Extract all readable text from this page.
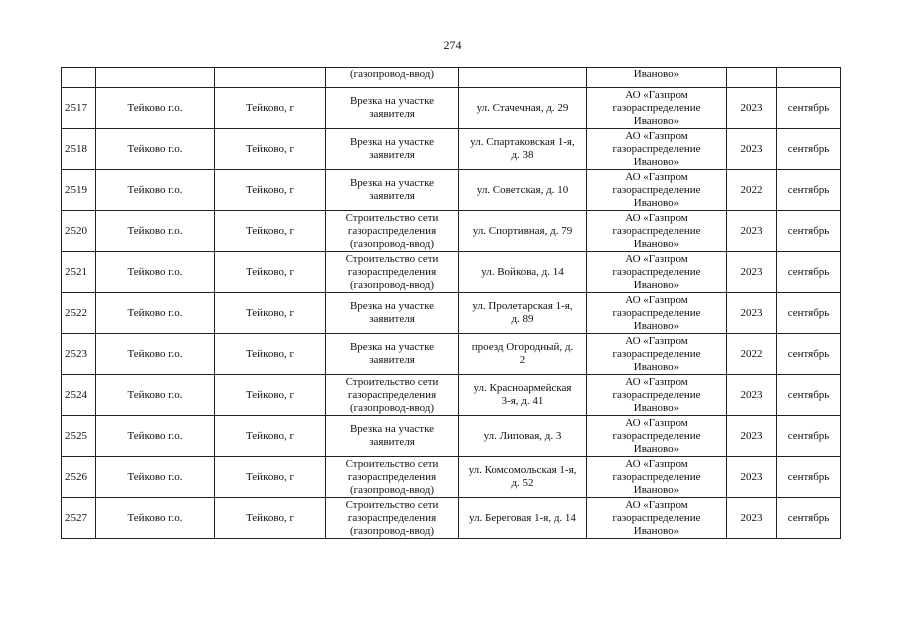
274
			(газопровод-ввод)		Иваново»		
2517	Тейково г.о.	Тейково, г	Врезка на участке
заявителя	ул. Стачечная, д. 29	АО «Газпром
газораспределение
Иваново»	2023	сентябрь
2518	Тейково г.о.	Тейково, г	Врезка на участке
заявителя	ул. Спартаковская 1-я,
д. 38	АО «Газпром
газораспределение
Иваново»	2023	сентябрь
2519	Тейково г.о.	Тейково, г	Врезка на участке
заявителя	ул. Советская, д. 10	АО «Газпром
газораспределение
Иваново»	2022	сентябрь
2520	Тейково г.о.	Тейково, г	Строительство сети
газораспределения
(газопровод-ввод)	ул. Спортивная, д. 79	АО «Газпром
газораспределение
Иваново»	2023	сентябрь
2521	Тейково г.о.	Тейково, г	Строительство сети
газораспределения
(газопровод-ввод)	ул. Войкова, д. 14	АО «Газпром
газораспределение
Иваново»	2023	сентябрь
2522	Тейково г.о.	Тейково, г	Врезка на участке
заявителя	ул. Пролетарская 1-я,
д. 89	АО «Газпром
газораспределение
Иваново»	2023	сентябрь
2523	Тейково г.о.	Тейково, г	Врезка на участке
заявителя	проезд Огородный, д.
2	АО «Газпром
газораспределение
Иваново»	2022	сентябрь
2524	Тейково г.о.	Тейково, г	Строительство сети
газораспределения
(газопровод-ввод)	ул. Красноармейская
3-я, д. 41	АО «Газпром
газораспределение
Иваново»	2023	сентябрь
2525	Тейково г.о.	Тейково, г	Врезка на участке
заявителя	ул. Липовая, д. 3	АО «Газпром
газораспределение
Иваново»	2023	сентябрь
2526	Тейково г.о.	Тейково, г	Строительство сети
газораспределения
(газопровод-ввод)	ул. Комсомольская 1-я,
д. 52	АО «Газпром
газораспределение
Иваново»	2023	сентябрь
2527	Тейково г.о.	Тейково, г	Строительство сети
газораспределения
(газопровод-ввод)	ул. Береговая 1-я, д. 14	АО «Газпром
газораспределение
Иваново»	2023	сентябрь
